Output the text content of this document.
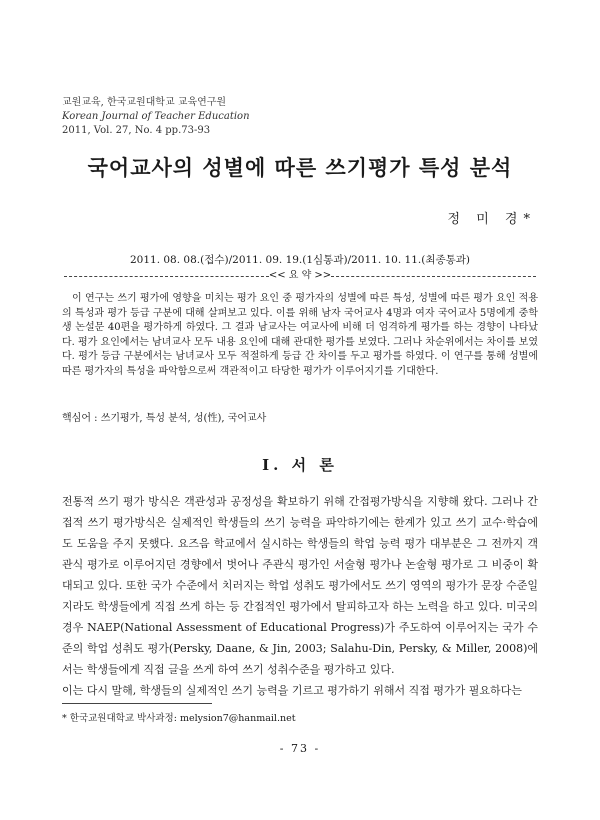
교원교육, 한국교원대학교 교육연구원
Korean Journal of Teacher Education
2011, Vol. 27, No. 4 pp.73-93
국어교사의 성별에 따른 쓰기평가 특성 분석
정 미 경*
2011. 08. 08.(접수)/2011. 09. 19.(1심통과)/2011. 10. 11.(최종통과)
<< 요 약 >>

이 연구는 쓰기 평가에 영향을 미치는 평가 요인 중 평가자의 성별에 따른 특성, 성별에 따른 평가 요인 적용의 특성과 평가 등급 구분에 대해 살펴보고 있다. 이를 위해 남자 국어교사 4명과 여자 국어교사 5명에게 중학생 논설문 40편을 평가하게 하였다. 그 결과 남교사는 여교사에 비해 더 엄격하게 평가를 하는 경향이 나타났다. 평가 요인에서는 남녀교사 모두 내용 요인에 대해 관대한 평가를 보였다. 그러나 차순위에서는 차이를 보였다. 평가 등급 구분에서는 남녀교사 모두 적절하게 등급 간 차이를 두고 평가를 하였다. 이 연구를 통해 성별에 따른 평가자의 특성을 파악함으로써 객관적이고 타당한 평가가 이루어지기를 기대한다.

핵심어 : 쓰기평가, 특성 분석, 성(性), 국어교사
Ⅰ. 서 론

전통적 쓰기 평가 방식은 객관성과 공정성을 확보하기 위해 간접평가방식을 지향해 왔다. 그러나 간접적 쓰기 평가방식은 실제적인 학생들의 쓰기 능력을 파악하기에는 한계가 있고 쓰기 교수·학습에도 도움을 주지 못했다. 요즈음 학교에서 실시하는 학생들의 학업 능력 평가 대부분은 그 전까지 객관식 평가로 이루어지던 경향에서 벗어나 주관식 평가인 서술형 평가나 논술형 평가로 그 비중이 확대되고 있다. 또한 국가 수준에서 치러지는 학업 성취도 평가에서도 쓰기 영역의 평가가 문장 수준일지라도 학생들에게 직접 쓰게 하는 등 간접적인 평가에서 탈피하고자 하는 노력을 하고 있다. 미국의 경우 NAEP(National Assessment of Educational Progress)가 주도하여 이루어지는 국가 수준의 학업 성취도 평가(Persky, Daane, & Jin, 2003; Salahu-Din, Persky, & Miller, 2008)에서는 학생들에게 직접 글을 쓰게 하여 쓰기 성취수준을 평가하고 있다.

이는 다시 말해, 학생들의 실제적인 쓰기 능력을 기르고 평가하기 위해서 직접 평가가 필요하다는

* 한국교원대학교 박사과정: melysion7@hanmail.net
- 73 -
